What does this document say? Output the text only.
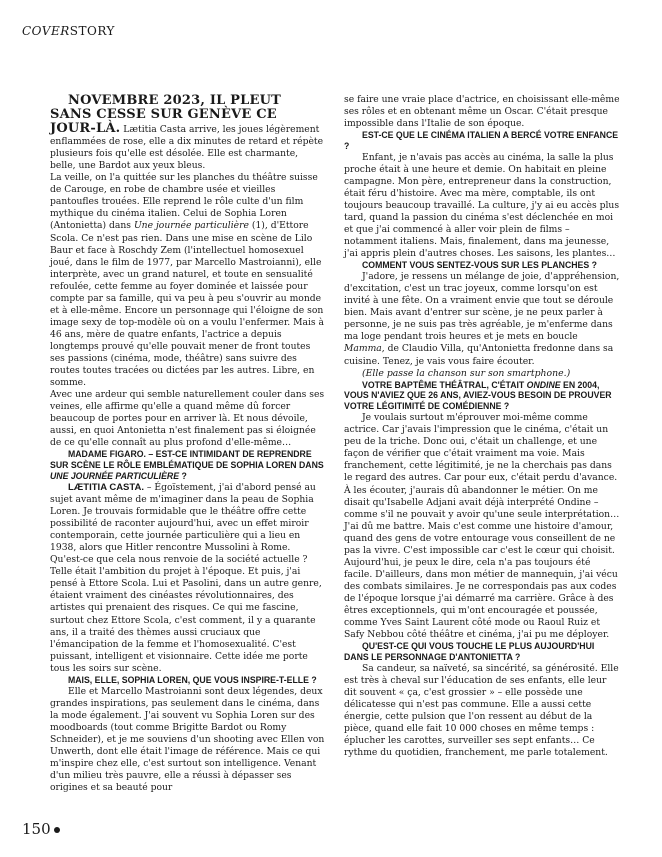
COVERSTORY

NOVEMBRE 2023, IL PLEUT SANS CESSE SUR GENÈVE CE JOUR-LÀ. Lætitia Casta arrive, les joues légèrement enflammées de rose, elle a dix minutes de retard et répète plusieurs fois qu'elle est désolée. Elle est charmante, belle, une Bardot aux yeux bleus.

La veille, on l'a quittée sur les planches du théâtre suisse de Carouge, en robe de chambre usée et vieilles pantoufles trouées. Elle reprend le rôle culte d'un film mythique du cinéma italien. Celui de Sophia Loren (Antonietta) dans Une journée particulière (1), d'Ettore Scola. Ce n'est pas rien. Dans une mise en scène de Lilo Baur et face à Roschdy Zem (l'intellectuel homosexuel joué, dans le film de 1977, par Marcello Mastroianni), elle interprète, avec un grand naturel, et toute en sensualité refoulée, cette femme au foyer dominée et laissée pour compte par sa famille, qui va peu à peu s'ouvrir au monde et à elle-même. Encore un personnage qui l'éloigne de son image sexy de top-modèle où on a voulu l'enfermer. Mais à 46 ans, mère de quatre enfants, l'actrice a depuis longtemps prouvé qu'elle pouvait mener de front toutes ses passions (cinéma, mode, théâtre) sans suivre des routes toutes tracées ou dictées par les autres. Libre, en somme.

Avec une ardeur qui semble naturellement couler dans ses veines, elle affirme qu'elle a quand même dû forcer beaucoup de portes pour en arriver là. Et nous dévoile, aussi, en quoi Antonietta n'est finalement pas si éloignée de ce qu'elle connaît au plus profond d'elle-même…

MADAME FIGARO. – EST-CE INTIMIDANT DE REPRENDRE SUR SCÈNE LE RÔLE EMBLÉMATIQUE DE SOPHIA LOREN DANS UNE JOURNÉE PARTICULIÈRE ?

LÆTITIA CASTA. – Égoïstement, j'ai d'abord pensé au sujet avant même de m'imaginer dans la peau de Sophia Loren. Je trouvais formidable que le théâtre offre cette possibilité de raconter aujourd'hui, avec un effet miroir contemporain, cette journée particulière qui a lieu en 1938, alors que Hitler rencontre Mussolini à Rome. Qu'est-ce que cela nous renvoie de la société actuelle ? Telle était l'ambition du projet à l'époque. Et puis, j'ai pensé à Ettore Scola. Lui et Pasolini, dans un autre genre, étaient vraiment des cinéastes révolutionnaires, des artistes qui prenaient des risques. Ce qui me fascine, surtout chez Ettore Scola, c'est comment, il y a quarante ans, il a traité des thèmes aussi cruciaux que l'émancipation de la femme et l'homosexualité. C'est puissant, intelligent et visionnaire. Cette idée me porte tous les soirs sur scène.

MAIS, ELLE, SOPHIA LOREN, QUE VOUS INSPIRE-T-ELLE ?

Elle et Marcello Mastroianni sont deux légendes, deux grandes inspirations, pas seulement dans le cinéma, dans la mode également. J'ai souvent vu Sophia Loren sur des moodboards (tout comme Brigitte Bardot ou Romy Schneider), et je me souviens d'un shooting avec Ellen von Unwerth, dont elle était l'image de référence. Mais ce qui m'inspire chez elle, c'est surtout son intelligence. Venant d'un milieu très pauvre, elle a réussi à dépasser ses origines et sa beauté pour

se faire une vraie place d'actrice, en choisissant elle-même ses rôles et en obtenant même un Oscar. C'était presque impossible dans l'Italie de son époque.

EST-CE QUE LE CINÉMA ITALIEN A BERCÉ VOTRE ENFANCE ?

Enfant, je n'avais pas accès au cinéma, la salle la plus proche était à une heure et demie. On habitait en pleine campagne. Mon père, entrepreneur dans la construction, était féru d'histoire. Avec ma mère, comptable, ils ont toujours beaucoup travaillé. La culture, j'y ai eu accès plus tard, quand la passion du cinéma s'est déclenchée en moi et que j'ai commencé à aller voir plein de films – notamment italiens. Mais, finalement, dans ma jeunesse, j'ai appris plein d'autres choses. Les saisons, les plantes…

COMMENT VOUS SENTEZ-VOUS SUR LES PLANCHES ?

J'adore, je ressens un mélange de joie, d'appréhension, d'excitation, c'est un trac joyeux, comme lorsqu'on est invité à une fête. On a vraiment envie que tout se déroule bien. Mais avant d'entrer sur scène, je ne peux parler à personne, je ne suis pas très agréable, je m'enferme dans ma loge pendant trois heures et je mets en boucle Mamma, de Claudio Villa, qu'Antonietta fredonne dans sa cuisine. Tenez, je vais vous faire écouter.

(Elle passe la chanson sur son smartphone.)

VOTRE BAPTÊME THÉÂTRAL, C'ÉTAIT ONDINE EN 2004, VOUS N'AVIEZ QUE 26 ANS, AVIEZ-VOUS BESOIN DE PROUVER VOTRE LÉGITIMITÉ DE COMÉDIENNE ?

Je voulais surtout m'éprouver moi-même comme actrice. Car j'avais l'impression que le cinéma, c'était un peu de la triche. Donc oui, c'était un challenge, et une façon de vérifier que c'était vraiment ma voie. Mais franchement, cette légitimité, je ne la cherchais pas dans le regard des autres. Car pour eux, c'était perdu d'avance. À les écouter, j'aurais dû abandonner le métier. On me disait qu'Isabelle Adjani avait déjà interprété Ondine – comme s'il ne pouvait y avoir qu'une seule interprétation… J'ai dû me battre. Mais c'est comme une histoire d'amour, quand des gens de votre entourage vous conseillent de ne pas la vivre. C'est impossible car c'est le cœur qui choisit. Aujourd'hui, je peux le dire, cela n'a pas toujours été facile. D'ailleurs, dans mon métier de mannequin, j'ai vécu des combats similaires. Je ne correspondais pas aux codes de l'époque lorsque j'ai démarré ma carrière. Grâce à des êtres exceptionnels, qui m'ont encouragée et poussée, comme Yves Saint Laurent côté mode ou Raoul Ruiz et Safy Nebbou côté théâtre et cinéma, j'ai pu me déployer.

QU'EST-CE QUI VOUS TOUCHE LE PLUS AUJOURD'HUI DANS LE PERSONNAGE D'ANTONIETTA ?

Sa candeur, sa naïveté, sa sincérité, sa générosité. Elle est très à cheval sur l'éducation de ses enfants, elle leur dit souvent « ça, c'est grossier » – elle possède une délicatesse qui n'est pas commune. Elle a aussi cette énergie, cette pulsion que l'on ressent au début de la pièce, quand elle fait 10 000 choses en même temps : éplucher les carottes, surveiller ses sept enfants… Ce rythme du quotidien, franchement, me parle totalement.

150
